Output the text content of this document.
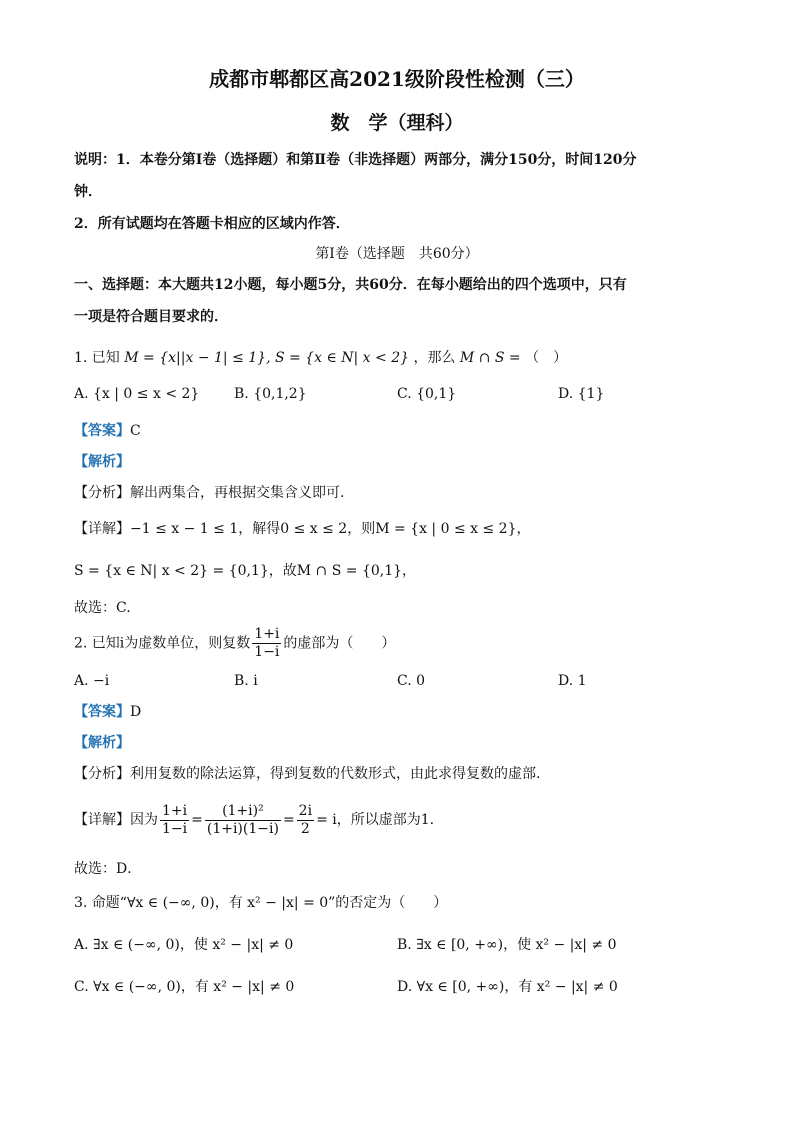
成都市郫都区高2021级阶段性检测（三）
数　学（理科）
说明：1．本卷分第Ⅰ卷（选择题）和第Ⅱ卷（非选择题）两部分，满分150分，时间120分
钟．
2．所有试题均在答题卡相应的区域内作答．
第Ⅰ卷（选择题　共60分）
一、选择题：本大题共12小题，每小题5分，共60分．在每小题给出的四个选项中，只有
一项是符合题目要求的．
1. 已知 M = {x||x − 1| ≤ 1}, S = {x ∈ N| x < 2} ，那么 M ∩ S = （　）
A. {x | 0 ≤ x < 2} B. {0,1,2}	C. {0,1}	D. {1}
【答案】C
【解析】
【分析】解出两集合，再根据交集含义即可.
【详解】−1 ≤ x − 1 ≤ 1，解得0 ≤ x ≤ 2，则M = {x | 0 ≤ x ≤ 2}，
S = {x ∈ N| x < 2} = {0,1}，故M ∩ S = {0,1}，
故选：C.
2. 已知i为虚数单位，则复数 $\frac{1+i}{1-i}$ 的虚部为（　　）
A. −i	B. i	C. 0	D. 1
【答案】D
【解析】
【分析】利用复数的除法运算，得到复数的代数形式，由此求得复数的虚部.
【详解】因为 $\frac{1+i}{1-i} = \frac{\text{(1+i)²}}{(1+i)(1-i)} = \frac{2i}{2} = i$，所以虚部为1.
故选：D．
3. 命题“∀x ∈ (−∞, 0)，有 x² − |x| = 0”的否定为（　　）
A. ∃x ∈ (−∞, 0)，使 x² − |x| ≠ 0	B. ∃x ∈ [0, +∞)，使 x² − |x| ≠ 0
C. ∀x ∈ (−∞, 0)，有 x² − |x| ≠ 0	D. ∀x ∈ [0, +∞)，有 x² − |x| ≠ 0
